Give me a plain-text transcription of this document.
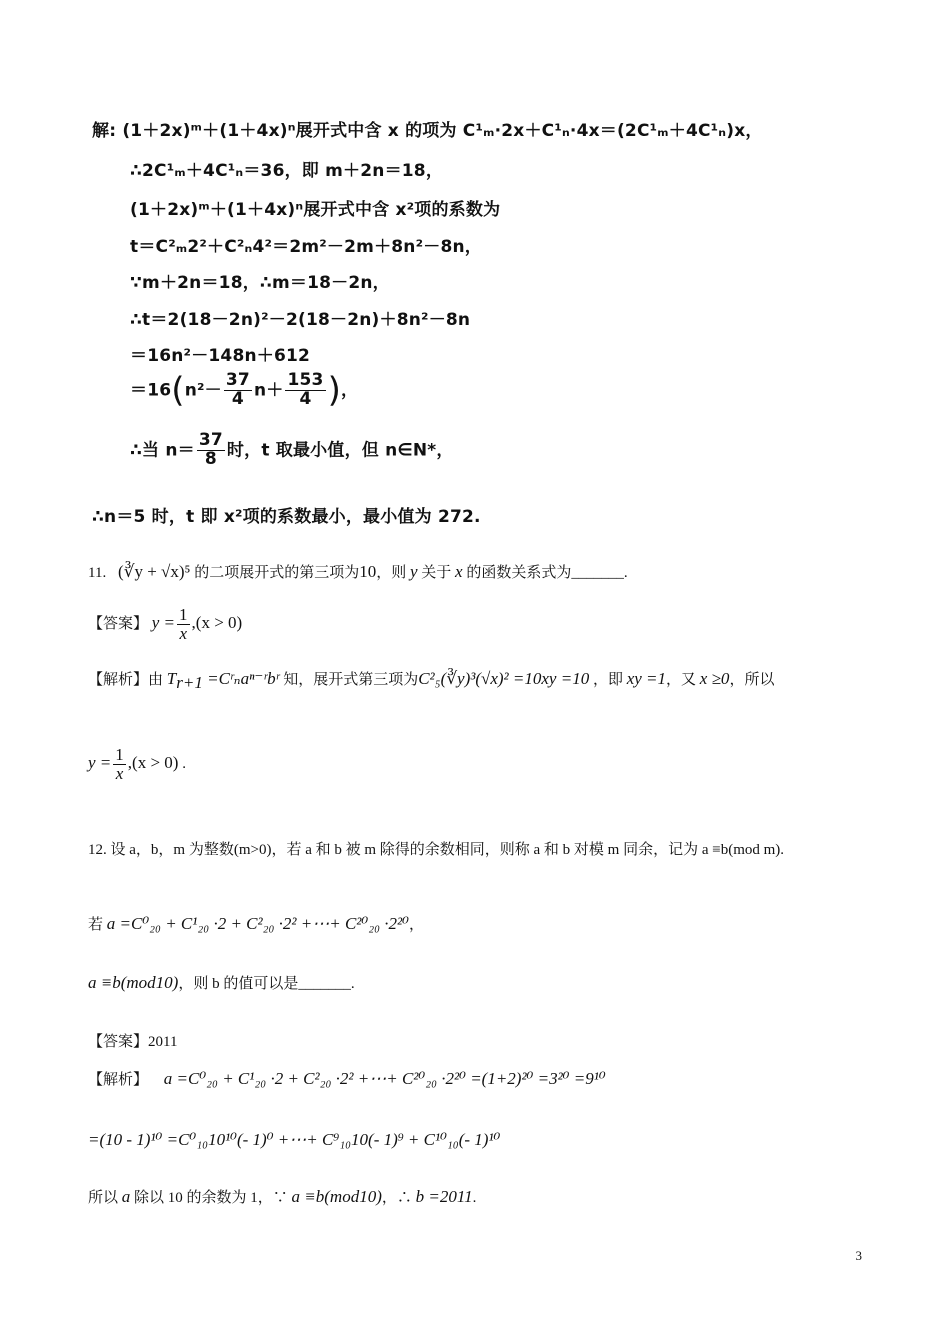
解: (1＋2x)ᵐ＋(1＋4x)ⁿ展开式中含 x 的项为 C¹ₘ·2x＋C¹ₙ·4x＝(2C¹ₘ＋4C¹ₙ)x，
∴2C¹ₘ＋4C¹ₙ＝36，即 m＋2n＝18，
(1＋2x)ᵐ＋(1＋4x)ⁿ展开式中含 x²项的系数为
t＝C²ₘ2²＋C²ₙ4²＝2m²－2m＋8n²－8n，
∵m＋2n＝18，∴m＝18－2n，
∴t＝2(18－2n)²－2(18－2n)＋8n²－8n
＝16n²－148n＋612
$=16(n^2- \frac{37}{4} n+ \frac{153}{4}$ )，
∴当 $n= \frac{37}{8}$ 时，t 取最小值，但 n∈N*，
∴n＝5 时，t 即 x²项的系数最小，最小值为 272.
11. (∛y + √x)⁵ 的二项展开式的第三项为10，则 y 关于 x 的函数关系式为_______.
【答案】 $y = \frac{1}{x} ,(x > 0)$
【解析】由 $T_{r+1}$ =Cʳₙaⁿ⁻ʳbʳ 知，展开式第三项为C²₅(∛y)³(√x)² =10xy =10 ，即 xy =1，又 x ≥0，所以
$y = \frac{1}{x} ,(x > 0)$ .
12. 设 a，b，m 为整数(m>0)，若 a 和 b 被 m 除得的余数相同，则称 a 和 b 对模 m 同余，记为 a ≡b(mod m).
若 a =C⁰₂₀ + C¹₂₀ ·2 + C²₂₀ ·2² +⋯+ C²⁰₂₀ ·2²⁰，
a ≡b(mod10)，则 b 的值可以是_______.
【答案】2011
【解析】 a =C⁰₂₀ + C¹₂₀ ·2 + C²₂₀ ·2² +⋯+ C²⁰₂₀ ·2²⁰ =(1+2)²⁰ =3²⁰ =9¹⁰
=(10 - 1)¹⁰ =C⁰₁₀10¹⁰(- 1)⁰ +⋯+ C⁹₁₀10(- 1)⁹ + C¹⁰₁₀(- 1)¹⁰
所以 a 除以 10 的余数为 1，∵ a ≡b(mod10)，∴ b =2011.
3
